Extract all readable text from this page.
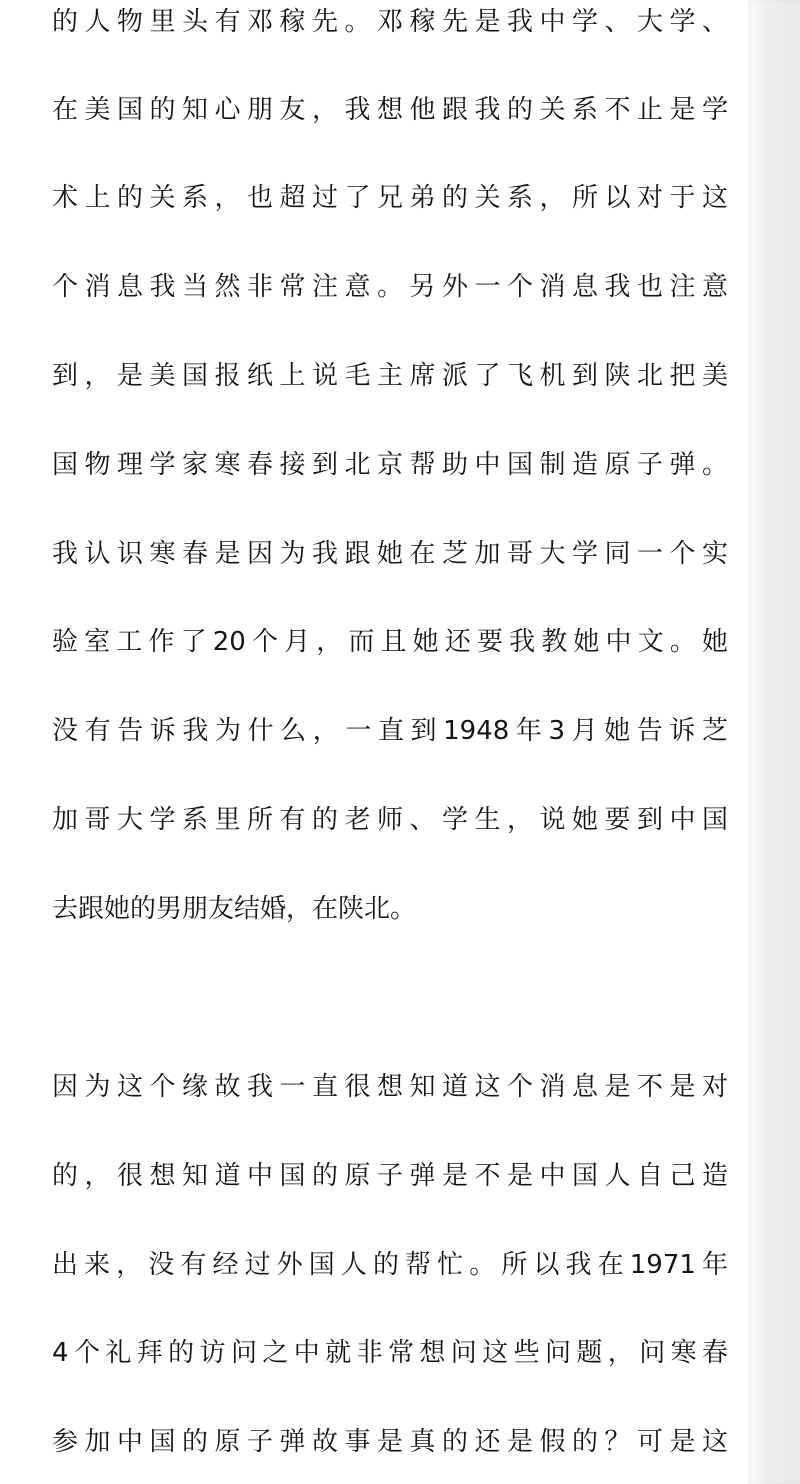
的人物里头有邓稼先。邓稼先是我中学、大学、
在美国的知心朋友，我想他跟我的关系不止是学
术上的关系，也超过了兄弟的关系，所以对于这
个消息我当然非常注意。另外一个消息我也注意
到，是美国报纸上说毛主席派了飞机到陕北把美
国物理学家寒春接到北京帮助中国制造原子弹。
我认识寒春是因为我跟她在芝加哥大学同一个实
验室工作了20个月，而且她还要我教她中文。她
没有告诉我为什么，一直到1948年3月她告诉芝
加哥大学系里所有的老师、学生，说她要到中国
去跟她的男朋友结婚，在陕北。
因为这个缘故我一直很想知道这个消息是不是对
的，很想知道中国的原子弹是不是中国人自己造
出来，没有经过外国人的帮忙。所以我在1971年
4个礼拜的访问之中就非常想问这些问题，问寒春
参加中国的原子弹故事是真的还是假的？可是这
